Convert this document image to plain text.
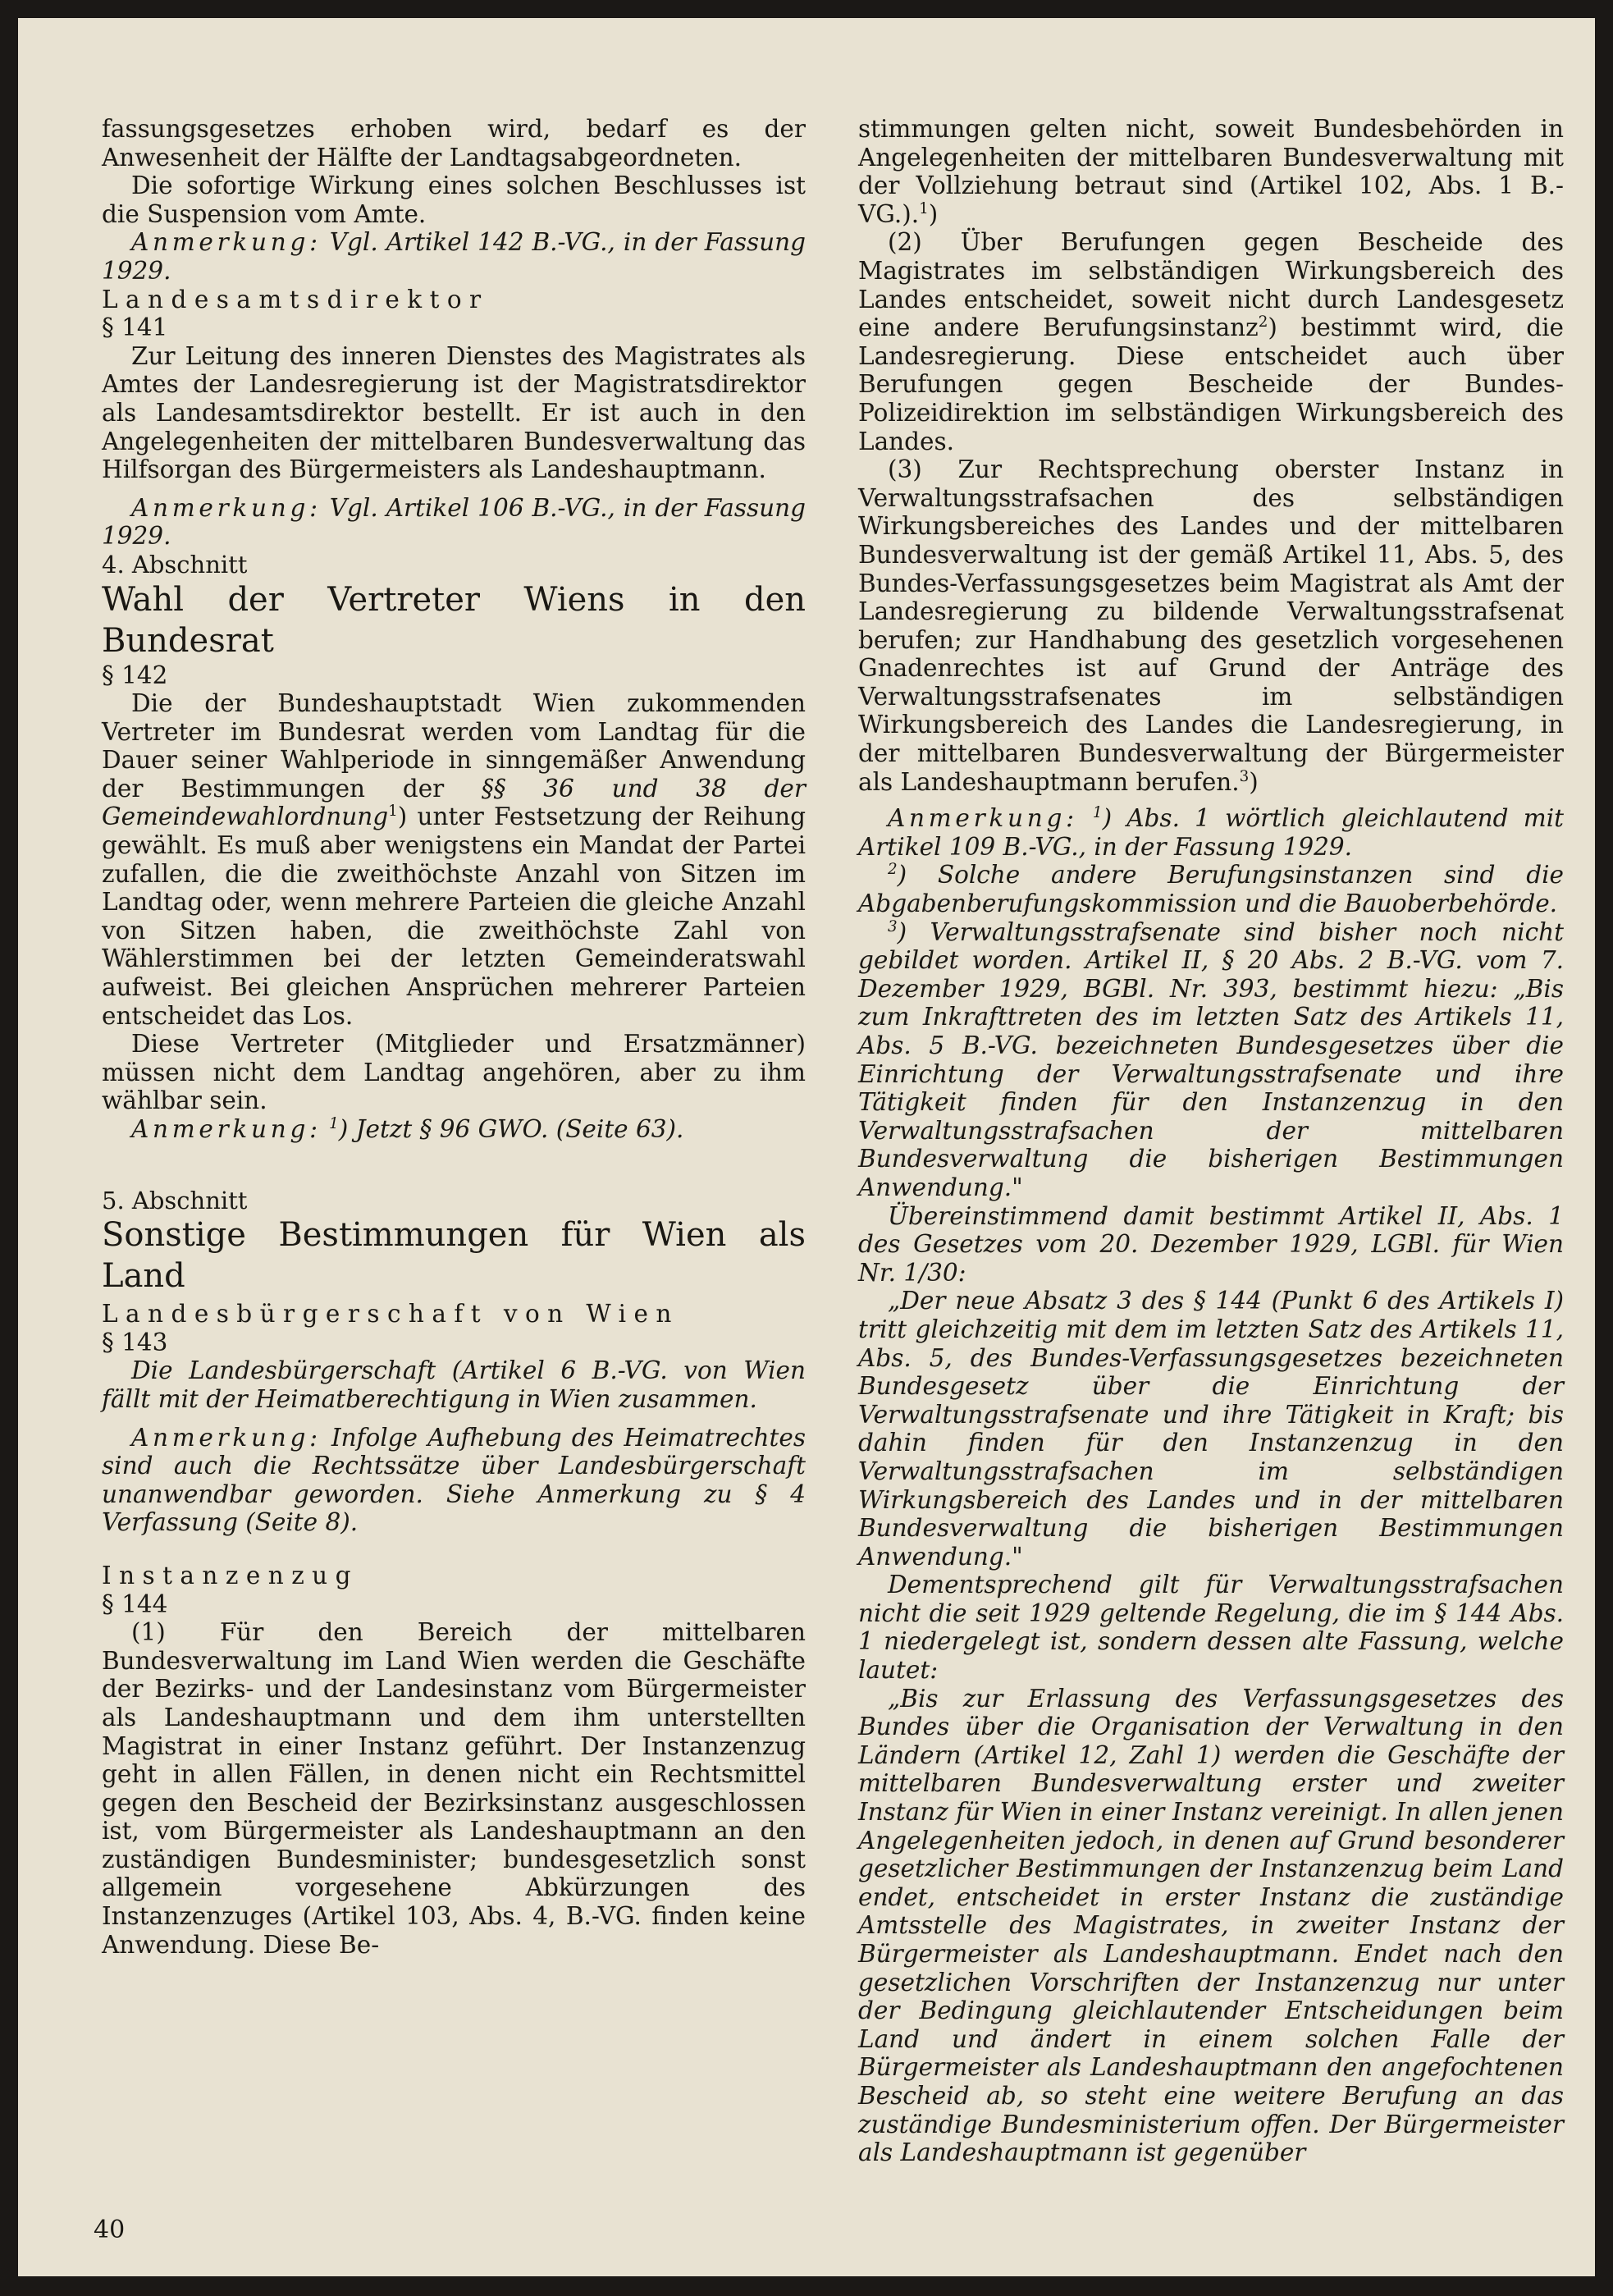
fassungsgesetzes erhoben wird, bedarf es der Anwesenheit der Hälfte der Landtagsabgeordneten.

Die sofortige Wirkung eines solchen Beschlusses ist die Suspension vom Amte.

Anmerkung: Vgl. Artikel 142 B.-VG., in der Fassung 1929.

Landesamtsdirektor

§ 141

Zur Leitung des inneren Dienstes des Magistrates als Amtes der Landesregierung ist der Magistratsdirektor als Landesamtsdirektor bestellt. Er ist auch in den Angelegenheiten der mittelbaren Bundesverwaltung das Hilfsorgan des Bürgermeisters als Landeshauptmann.

Anmerkung: Vgl. Artikel 106 B.-VG., in der Fassung 1929.

4. Abschnitt

Wahl der Vertreter Wiens in den Bundesrat

§ 142

Die der Bundeshauptstadt Wien zukommenden Vertreter im Bundesrat werden vom Landtag für die Dauer seiner Wahlperiode in sinngemäßer Anwendung der Bestimmungen der §§ 36 und 38 der Gemeindewahlordnung$^1$) unter Festsetzung der Reihung gewählt. Es muß aber wenigstens ein Mandat der Partei zufallen, die die zweithöchste Anzahl von Sitzen im Landtag oder, wenn mehrere Parteien die gleiche Anzahl von Sitzen haben, die zweithöchste Zahl von Wählerstimmen bei der letzten Gemeinderatswahl aufweist. Bei gleichen Ansprüchen mehrerer Parteien entscheidet das Los.

Diese Vertreter (Mitglieder und Ersatzmänner) müssen nicht dem Landtag angehören, aber zu ihm wählbar sein.

Anmerkung: $^1$) Jetzt § 96 GWO. (Seite 63).

5. Abschnitt

Sonstige Bestimmungen für Wien als Land

Landesbürgerschaft von Wien

§ 143

Die Landesbürgerschaft (Artikel 6 B.-VG. von Wien fällt mit der Heimatberechtigung in Wien zusammen.

Anmerkung: Infolge Aufhebung des Heimatrechtes sind auch die Rechtssätze über Landesbürgerschaft unanwendbar geworden. Siehe Anmerkung zu § 4 Verfassung (Seite 8).

Instanzenzug

§ 144

(1) Für den Bereich der mittelbaren Bundesverwaltung im Land Wien werden die Geschäfte der Bezirks- und der Landesinstanz vom Bürgermeister als Landeshauptmann und dem ihm unterstellten Magistrat in einer Instanz geführt. Der Instanzenzug geht in allen Fällen, in denen nicht ein Rechtsmittel gegen den Bescheid der Bezirksinstanz ausgeschlossen ist, vom Bürgermeister als Landeshauptmann an den zuständigen Bundesminister; bundesgesetzlich sonst allgemein vorgesehene Abkürzungen des Instanzenzuges (Artikel 103, Abs. 4, B.-VG. finden keine Anwendung. Diese Be-

stimmungen gelten nicht, soweit Bundesbehörden in Angelegenheiten der mittelbaren Bundesverwaltung mit der Vollziehung betraut sind (Artikel 102, Abs. 1 B.-VG.).$^1$)

(2) Über Berufungen gegen Bescheide des Magistrates im selbständigen Wirkungsbereich des Landes entscheidet, soweit nicht durch Landesgesetz eine andere Berufungsinstanz$^2$) bestimmt wird, die Landesregierung. Diese entscheidet auch über Berufungen gegen Bescheide der Bundes-Polizeidirektion im selbständigen Wirkungsbereich des Landes.

(3) Zur Rechtsprechung oberster Instanz in Verwaltungsstrafsachen des selbständigen Wirkungsbereiches des Landes und der mittelbaren Bundesverwaltung ist der gemäß Artikel 11, Abs. 5, des Bundes-Verfassungsgesetzes beim Magistrat als Amt der Landesregierung zu bildende Verwaltungsstrafsenat berufen; zur Handhabung des gesetzlich vorgesehenen Gnadenrechtes ist auf Grund der Anträge des Verwaltungsstrafsenates im selbständigen Wirkungsbereich des Landes die Landesregierung, in der mittelbaren Bundesverwaltung der Bürgermeister als Landeshauptmann berufen.$^3$)

Anmerkung: $^1$) Abs. 1 wörtlich gleichlautend mit Artikel 109 B.-VG., in der Fassung 1929.

$^2$) Solche andere Berufungsinstanzen sind die Abgabenberufungskommission und die Bauoberbehörde.

$^3$) Verwaltungsstrafsenate sind bisher noch nicht gebildet worden. Artikel II, § 20 Abs. 2 B.-VG. vom 7. Dezember 1929, BGBl. Nr. 393, bestimmt hiezu: „Bis zum Inkrafttreten des im letzten Satz des Artikels 11, Abs. 5 B.-VG. bezeichneten Bundesgesetzes über die Einrichtung der Verwaltungsstrafsenate und ihre Tätigkeit finden für den Instanzenzug in den Verwaltungsstrafsachen der mittelbaren Bundesverwaltung die bisherigen Bestimmungen Anwendung."

Übereinstimmend damit bestimmt Artikel II, Abs. 1 des Gesetzes vom 20. Dezember 1929, LGBl. für Wien Nr. 1/30:

„Der neue Absatz 3 des § 144 (Punkt 6 des Artikels I) tritt gleichzeitig mit dem im letzten Satz des Artikels 11, Abs. 5, des Bundes-Verfassungsgesetzes bezeichneten Bundesgesetz über die Einrichtung der Verwaltungsstrafsenate und ihre Tätigkeit in Kraft; bis dahin finden für den Instanzenzug in den Verwaltungsstrafsachen im selbständigen Wirkungsbereich des Landes und in der mittelbaren Bundesverwaltung die bisherigen Bestimmungen Anwendung."

Dementsprechend gilt für Verwaltungsstrafsachen nicht die seit 1929 geltende Regelung, die im § 144 Abs. 1 niedergelegt ist, sondern dessen alte Fassung, welche lautet:

„Bis zur Erlassung des Verfassungsgesetzes des Bundes über die Organisation der Verwaltung in den Ländern (Artikel 12, Zahl 1) werden die Geschäfte der mittelbaren Bundesverwaltung erster und zweiter Instanz für Wien in einer Instanz vereinigt. In allen jenen Angelegenheiten jedoch, in denen auf Grund besonderer gesetzlicher Bestimmungen der Instanzenzug beim Land endet, entscheidet in erster Instanz die zuständige Amtsstelle des Magistrates, in zweiter Instanz der Bürgermeister als Landeshauptmann. Endet nach den gesetzlichen Vorschriften der Instanzenzug nur unter der Bedingung gleichlautender Entscheidungen beim Land und ändert in einem solchen Falle der Bürgermeister als Landeshauptmann den angefochtenen Bescheid ab, so steht eine weitere Berufung an das zuständige Bundesministerium offen. Der Bürgermeister als Landeshauptmann ist gegenüber

40
